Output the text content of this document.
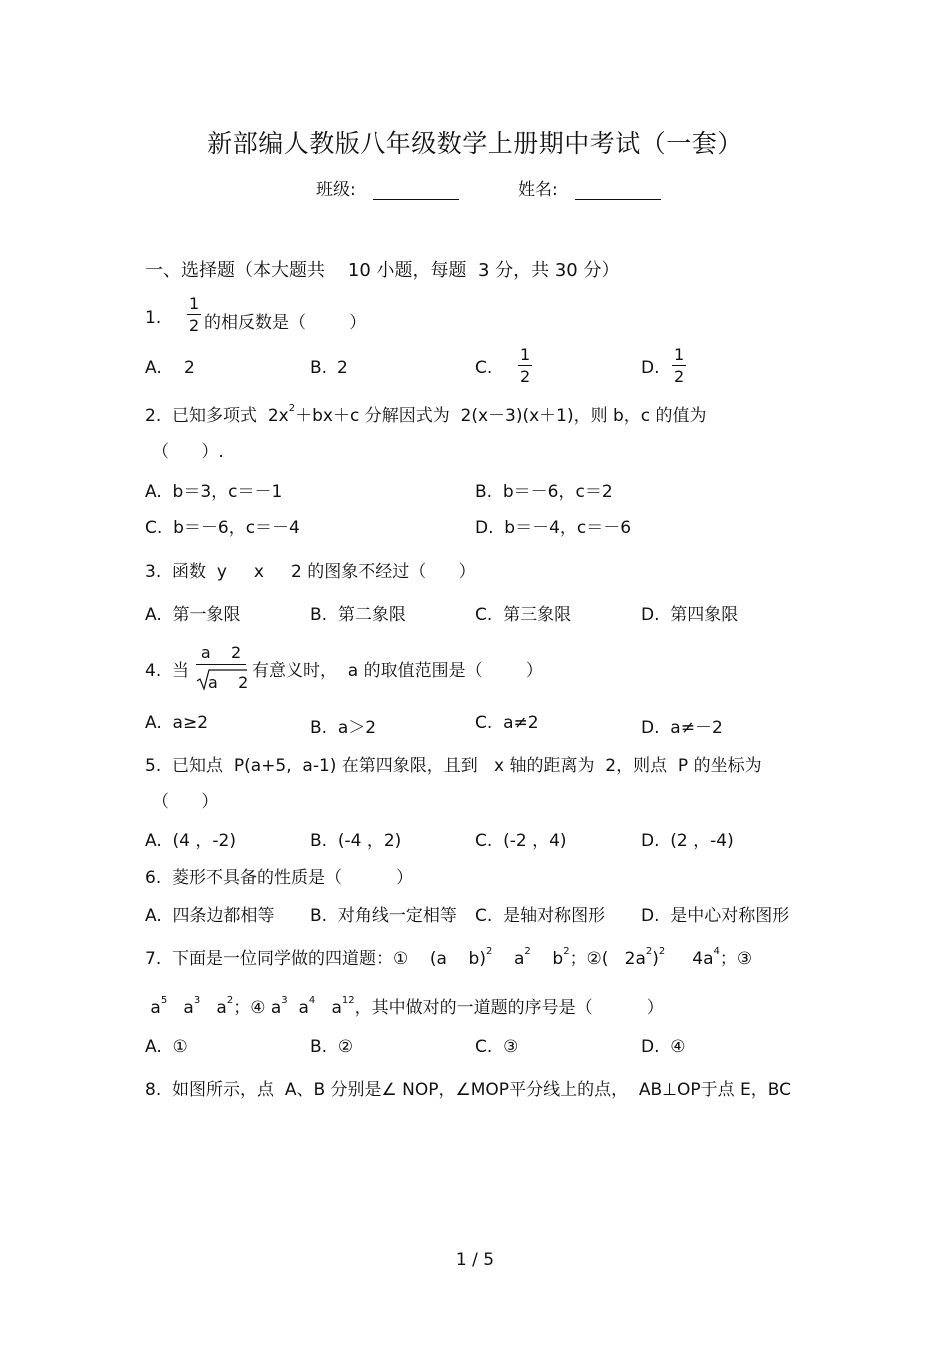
新部编人教版八年级数学上册期中考试（一套）
班级:	姓名:
一、选择题（本大题共    10 小题，每题  3 分，共 30 分）
1. $\frac{1}{2}$ 的相反数是（        ）
A. 2	B. 2	C. $\frac{1}{2}$	D. $\frac{1}{2}$
2.  已知多项式  $2x^2+bx+c$ 分解因式为  2(x－3)(x＋1)，则 b，c 的值为
（      ）.
A.  b＝3，c＝－1	B.  b＝－6，c＝2
C.  b＝－6，c＝－4	D.  b＝－4，c＝－6
3.  函数  y     x     2 的图象不经过（      ）
A.  第一象限	B.  第二象限	C.  第三象限	D.  第四象限
4.  当
a    2
a    2
有意义时，  a 的取值范围是（        ）
A.  a≥2	B.  a＞2	C.  a≠2	D.  a≠－2
5.  已知点  P(a+5,  a-1) 在第四象限，且到   x 轴的距离为  2，则点  P 的坐标为
（      ）
A.  (4 ，-2)	B.  (-4 ，2)	C.  (-2 ，4)	D.  (2 ，-4)
6.  菱形不具备的性质是（          ）
A.  四条边都相等 B.  对角线一定相等 C.  是轴对称图形 D.  是中心对称图形
7.  下面是一位同学做的四道题：①    (a    b)$^2$    $a^2$    $b^2$；②(   $2a^2)^2$     $4a^4$；③
$a^5$   $a^3$   $a^2$；④ $a^3$  $a^4$   $a^{12}$，其中做对的一道题的序号是（          ）
A.  ①	B.  ②	C.  ③	D.  ④
8.  如图所示，点  A、B 分别是∠ NOP，∠MOP平分线上的点，  AB⊥OP于点 E，BC
1 / 5
